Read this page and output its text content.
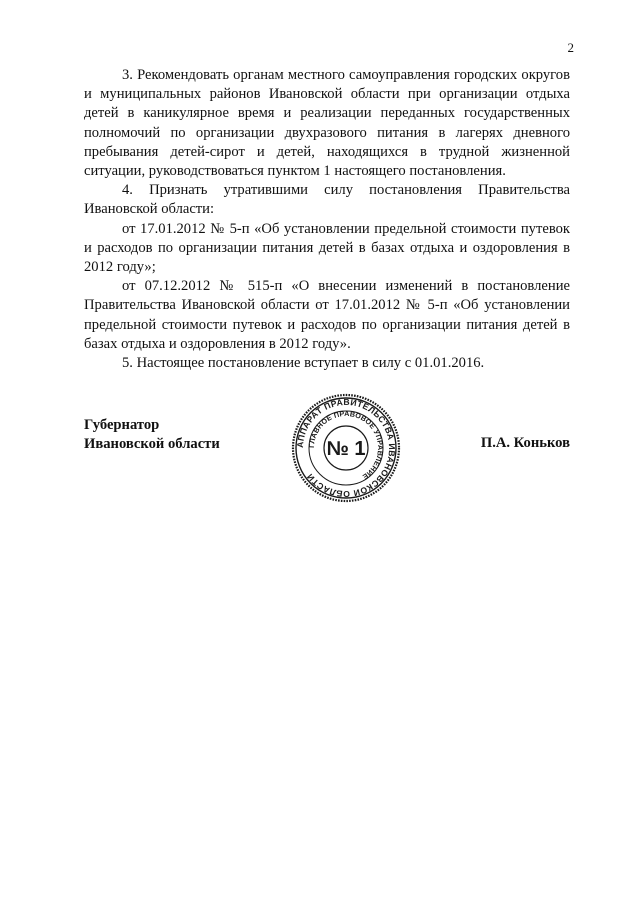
2

3. Рекомендовать органам местного самоуправления городских округов и муниципальных районов Ивановской области при организации отдыха детей в каникулярное время и реализации переданных государственных полномочий по организации двухразового питания в лагерях дневного пребывания детей-сирот и детей, находящихся в трудной жизненной ситуации, руководствоваться пунктом 1 настоящего постановления.

4. Признать утратившими силу постановления Правительства Ивановской области:

от 17.01.2012 № 5-п «Об установлении предельной стоимости путевок и расходов по организации питания детей в базах отдыха и оздоровления в 2012 году»;

от 07.12.2012 № 515-п «О внесении изменений в постановление Правительства Ивановской области от 17.01.2012 № 5-п «Об установлении предельной стоимости путевок и расходов по организации питания детей в базах отдыха и оздоровления в 2012 году».

5. Настоящее постановление вступает в силу с 01.01.2016.

Губернатор
Ивановской области	АППАРАТ ПРАВИТЕЛЬСТВА ИВАНОВСКОЙ ОБЛАСТИ
ГЛАВНОЕ ПРАВОВОЕ УПРАВЛЕНИЕ
№ 1	П.А. Коньков
